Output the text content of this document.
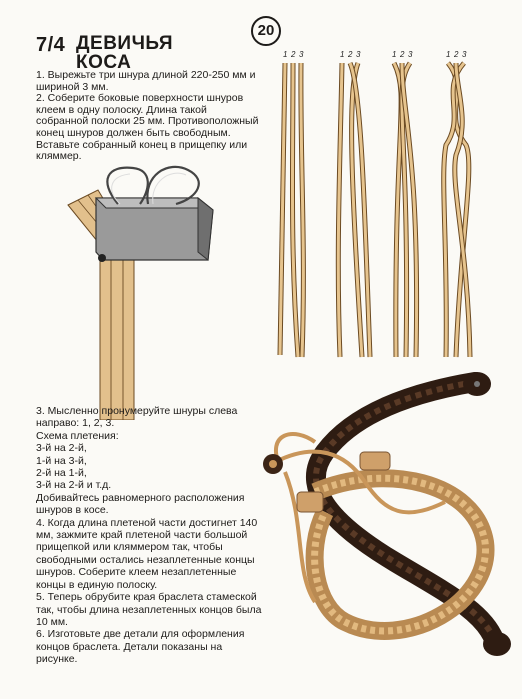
20
7/4 ДЕВИЧЬЯ КОСА

1. Вырежьте три шнура длиной 220-250 мм и шириной 3 мм.

2. Соберите боковые поверхности шнуров клеем в одну полоску. Длина такой собранной полоски 25 мм. Противоположный конец шнуров должен быть свободным. Вставьте собранный конец в прищепку или кляммер.

1 2 3	1 2 3	1 2 3	1 2 3

3. Мысленно пронумеруйте шнуры слева направо: 1, 2, 3.

Схема плетения:

3-й на 2-й,

1-й на 3-й,

2-й на 1-й,

3-й на 2-й и т.д.

Добивайтесь равномерного расположения шнуров в косе.

4. Когда длина плетеной части достигнет 140 мм, зажмите край плетеной части большой прищепкой или кляммером так, чтобы свободными остались незаплетенные концы шнуров. Соберите клеем незаплетенные концы в единую полоску.

5. Теперь обрубите края браслета стамеской так, чтобы длина незаплетенных концов была 10 мм.

6. Изготовьте две детали для оформления концов браслета. Детали показаны на рисунке.
